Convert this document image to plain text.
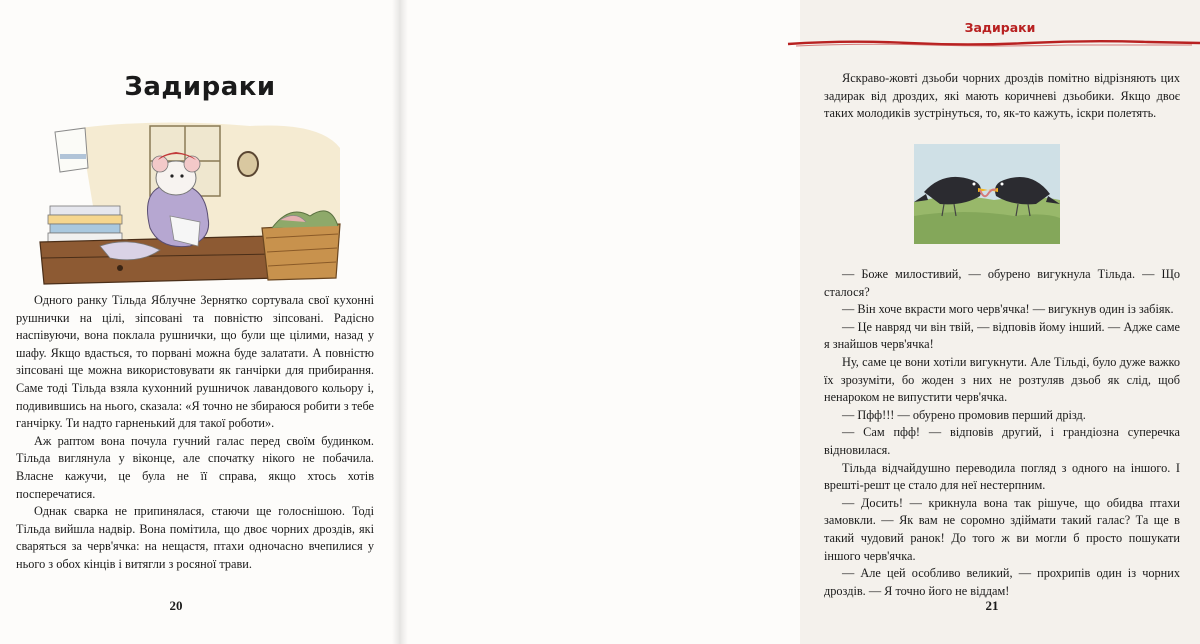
Задираки

Одного ранку Тільда Яблучне Зернятко сортувала свої кухонні рушнички на цілі, зіпсовані та повністю зіпсовані. Радісно наспівуючи, вона поклала рушнички, що були ще цілими, назад у шафу. Якщо вдасться, то порвані можна буде залатати. А повністю зіпсовані ще можна використовувати як ганчірки для прибирання. Саме тоді Тільда взяла кухонний рушничок лавандового кольору і, подивившись на нього, сказала: «Я точно не збираюся робити з тебе ганчірку. Ти надто гарненький для такої роботи».

Аж раптом вона почула гучний галас перед своїм будинком. Тільда виглянула у віконце, але спочатку нікого не побачила. Власне кажучи, це була не її справа, якщо хтось хотів посперечатися.

Однак сварка не припинялася, стаючи ще голоснішою. Тоді Тільда вийшла надвір. Вона помітила, що двоє чорних дроздів, які сваряться за черв'ячка: на нещастя, птахи одночасно вчепилися у нього з обох кінців і витягли з росяної трави.

20
Задираки

Яскраво-жовті дзьоби чорних дроздів помітно відрізняють цих задирак від дроздих, які мають коричневі дзьобики. Якщо двоє таких молодиків зустрінуться, то, як-то кажуть, іскри полетять.

— Боже милостивий, — обурено вигукнула Тільда. — Що сталося?

— Він хоче вкрасти мого черв'ячка! — вигукнув один із забіяк.

— Це навряд чи він твій, — відповів йому інший. — Адже саме я знайшов черв'ячка!

Ну, саме це вони хотіли вигукнути. Але Тільді, було дуже важко їх зрозуміти, бо жоден з них не розтуляв дзьоб як слід, щоб ненароком не випустити черв'ячка.

— Пфф!!! — обурено промовив перший дрізд.

— Сам пфф! — відповів другий, і грандіозна суперечка відновилася.

Тільда відчайдушно переводила погляд з одного на іншого. І врешті-решт це стало для неї нестерпним.

— Досить! — крикнула вона так рішуче, що обидва птахи замовкли. — Як вам не соромно здіймати такий галас? Та ще в такий чудовий ранок! До того ж ви могли б просто пошукати іншого черв'ячка.

— Але цей особливо великий, — прохрипів один із чорних дроздів. — Я точно його не віддам!

21
